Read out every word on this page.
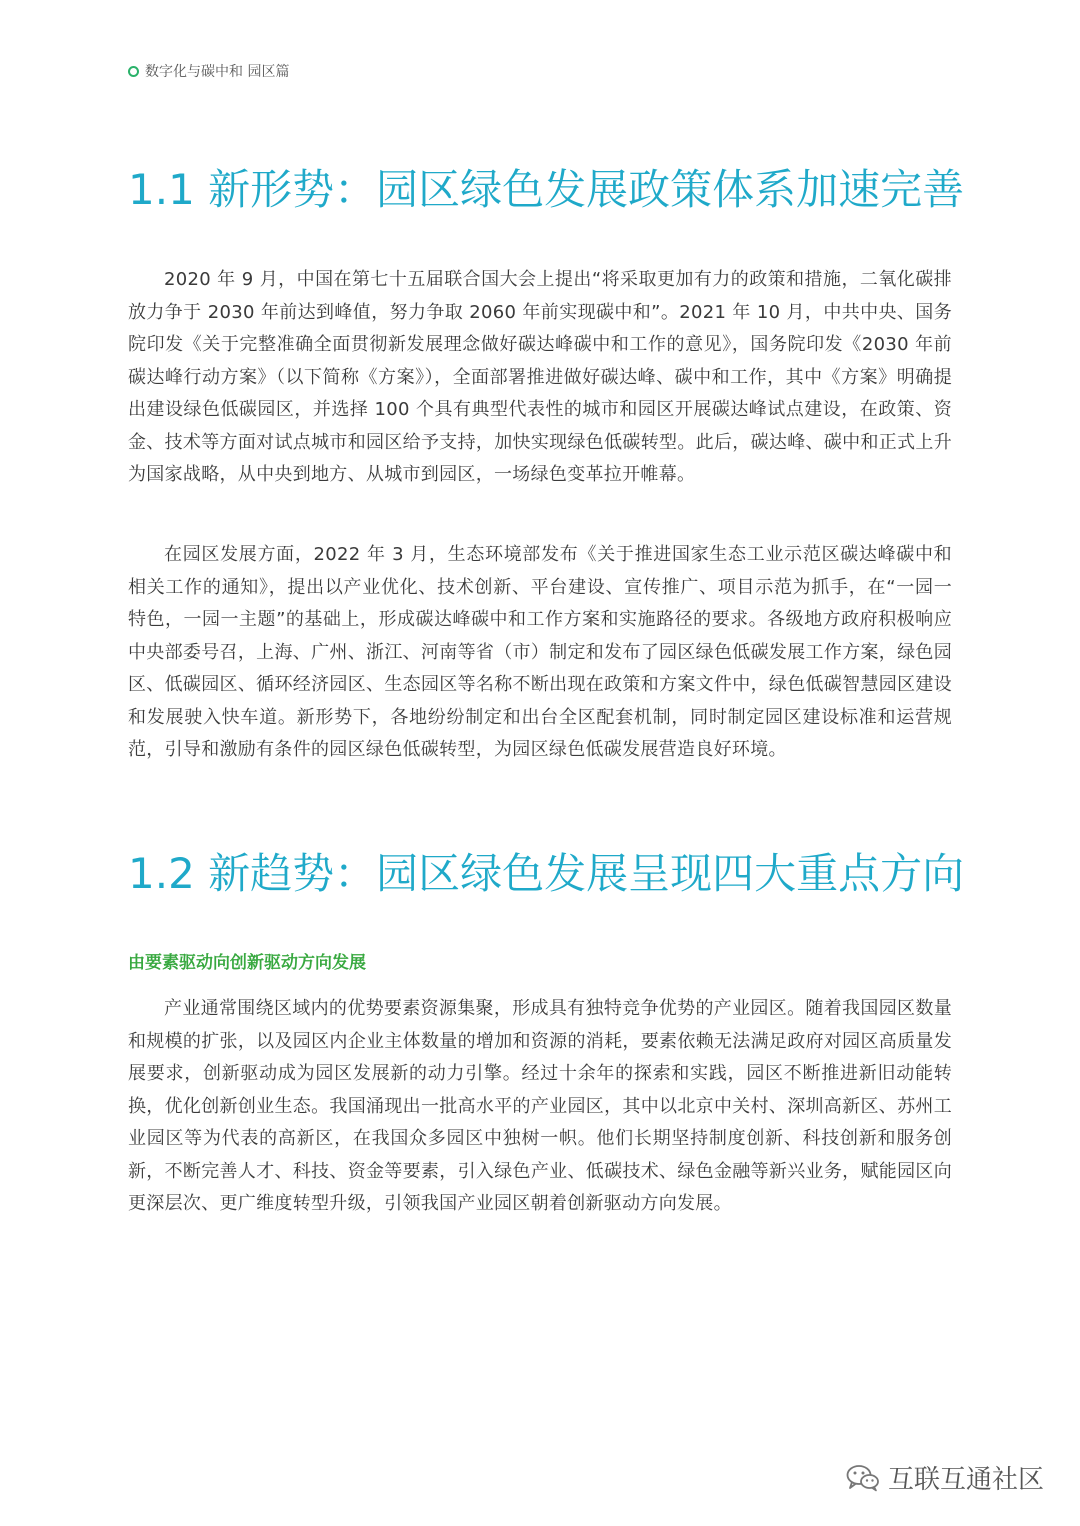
数字化与碳中和 园区篇
1.1 新形势：园区绿色发展政策体系加速完善

2020 年 9 月，中国在第七十五届联合国大会上提出“将采取更加有力的政策和措施，二氧化碳排放力争于 2030 年前达到峰值，努力争取 2060 年前实现碳中和”。2021 年 10 月，中共中央、国务院印发《关于完整准确全面贯彻新发展理念做好碳达峰碳中和工作的意见》，国务院印发《2030 年前碳达峰行动方案》（以下简称《方案》），全面部署推进做好碳达峰、碳中和工作，其中《方案》明确提出建设绿色低碳园区，并选择 100 个具有典型代表性的城市和园区开展碳达峰试点建设，在政策、资金、技术等方面对试点城市和园区给予支持，加快实现绿色低碳转型。此后，碳达峰、碳中和正式上升为国家战略，从中央到地方、从城市到园区，一场绿色变革拉开帷幕。

在园区发展方面，2022 年 3 月，生态环境部发布《关于推进国家生态工业示范区碳达峰碳中和相关工作的通知》，提出以产业优化、技术创新、平台建设、宣传推广、项目示范为抓手，在“一园一特色，一园一主题”的基础上，形成碳达峰碳中和工作方案和实施路径的要求。各级地方政府积极响应中央部委号召，上海、广州、浙江、河南等省（市）制定和发布了园区绿色低碳发展工作方案，绿色园区、低碳园区、循环经济园区、生态园区等名称不断出现在政策和方案文件中，绿色低碳智慧园区建设和发展驶入快车道。新形势下，各地纷纷制定和出台全区配套机制，同时制定园区建设标准和运营规范，引导和激励有条件的园区绿色低碳转型，为园区绿色低碳发展营造良好环境。

1.2 新趋势：园区绿色发展呈现四大重点方向
由要素驱动向创新驱动方向发展

产业通常围绕区域内的优势要素资源集聚，形成具有独特竞争优势的产业园区。随着我国园区数量和规模的扩张，以及园区内企业主体数量的增加和资源的消耗，要素依赖无法满足政府对园区高质量发展要求，创新驱动成为园区发展新的动力引擎。经过十余年的探索和实践，园区不断推进新旧动能转换，优化创新创业生态。我国涌现出一批高水平的产业园区，其中以北京中关村、深圳高新区、苏州工业园区等为代表的高新区，在我国众多园区中独树一帜。他们长期坚持制度创新、科技创新和服务创新，不断完善人才、科技、资金等要素，引入绿色产业、低碳技术、绿色金融等新兴业务，赋能园区向更深层次、更广维度转型升级，引领我国产业园区朝着创新驱动方向发展。

互联互通社区
